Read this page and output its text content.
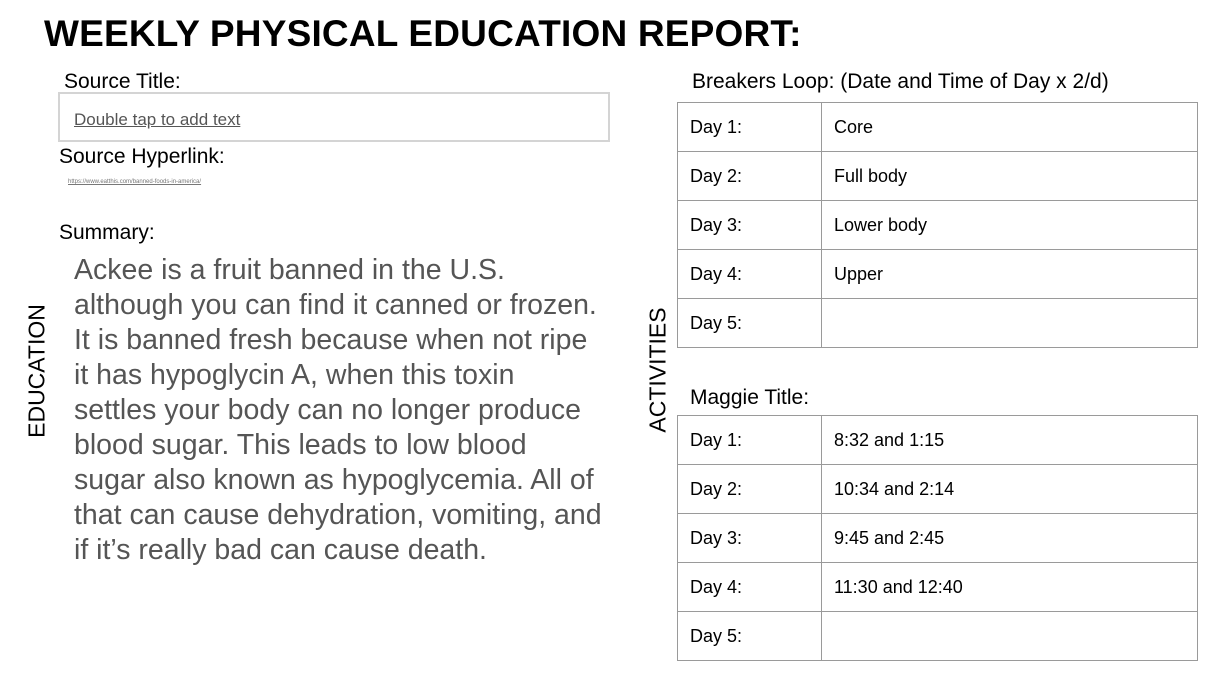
WEEKLY PHYSICAL EDUCATION REPORT:
Source Title:
Double tap to add text
Source Hyperlink:
https://www.eatthis.com/banned-foods-in-america/
Summary:
Ackee is a fruit banned in the U.S. although you can find it canned or frozen. It is banned fresh because when not ripe it has hypoglycin A, when this toxin settles your body can no longer produce blood sugar. This leads to low blood sugar also known as hypoglycemia. All of that can cause dehydration, vomiting, and if it’s really bad can cause death.
EDUCATION	ACTIVITIES
Breakers Loop: (Date and Time of Day x 2/d)
Day 1:	Core
Day 2:	Full body
Day 3:	Lower body
Day 4:	Upper
Day 5:	
Maggie Title:
Day 1:	8:32 and 1:15
Day 2:	10:34 and 2:14
Day 3:	9:45 and 2:45
Day 4:	11:30 and 12:40
Day 5:	
